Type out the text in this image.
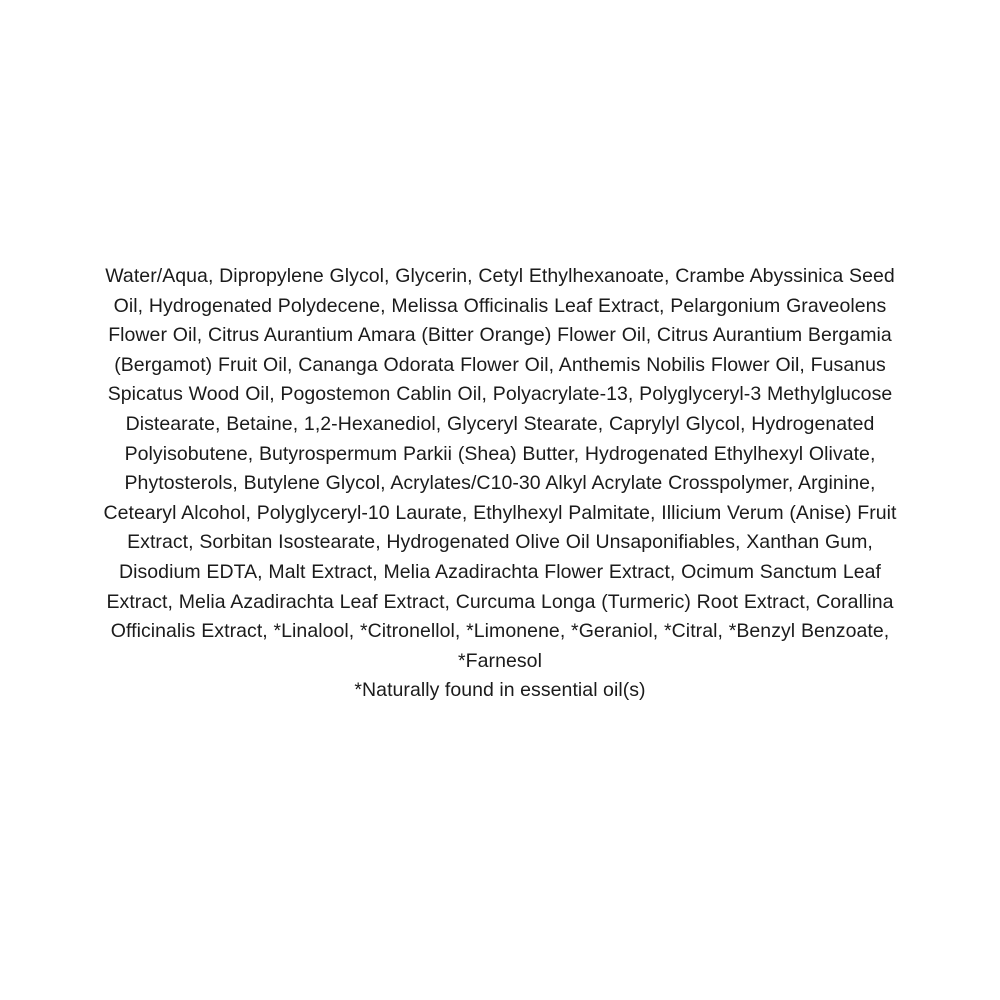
Water/Aqua, Dipropylene Glycol, Glycerin, Cetyl Ethylhexanoate, Crambe Abyssinica Seed Oil, Hydrogenated Polydecene, Melissa Officinalis Leaf Extract, Pelargonium Graveolens Flower Oil, Citrus Aurantium Amara (Bitter Orange) Flower Oil, Citrus Aurantium Bergamia (Bergamot) Fruit Oil, Cananga Odorata Flower Oil, Anthemis Nobilis Flower Oil, Fusanus Spicatus Wood Oil, Pogostemon Cablin Oil, Polyacrylate-13, Polyglyceryl-3 Methylglucose Distearate, Betaine, 1,2-Hexanediol, Glyceryl Stearate, Caprylyl Glycol, Hydrogenated Polyisobutene, Butyrospermum Parkii (Shea) Butter, Hydrogenated Ethylhexyl Olivate, Phytosterols, Butylene Glycol, Acrylates/C10-30 Alkyl Acrylate Crosspolymer, Arginine, Cetearyl Alcohol, Polyglyceryl-10 Laurate, Ethylhexyl Palmitate, Illicium Verum (Anise) Fruit Extract, Sorbitan Isostearate, Hydrogenated Olive Oil Unsaponifiables, Xanthan Gum, Disodium EDTA, Malt Extract, Melia Azadirachta Flower Extract, Ocimum Sanctum Leaf Extract, Melia Azadirachta Leaf Extract, Curcuma Longa (Turmeric) Root Extract, Corallina Officinalis Extract, *Linalool, *Citronellol, *Limonene, *Geraniol, *Citral, *Benzyl Benzoate, *Farnesol

*Naturally found in essential oil(s)
